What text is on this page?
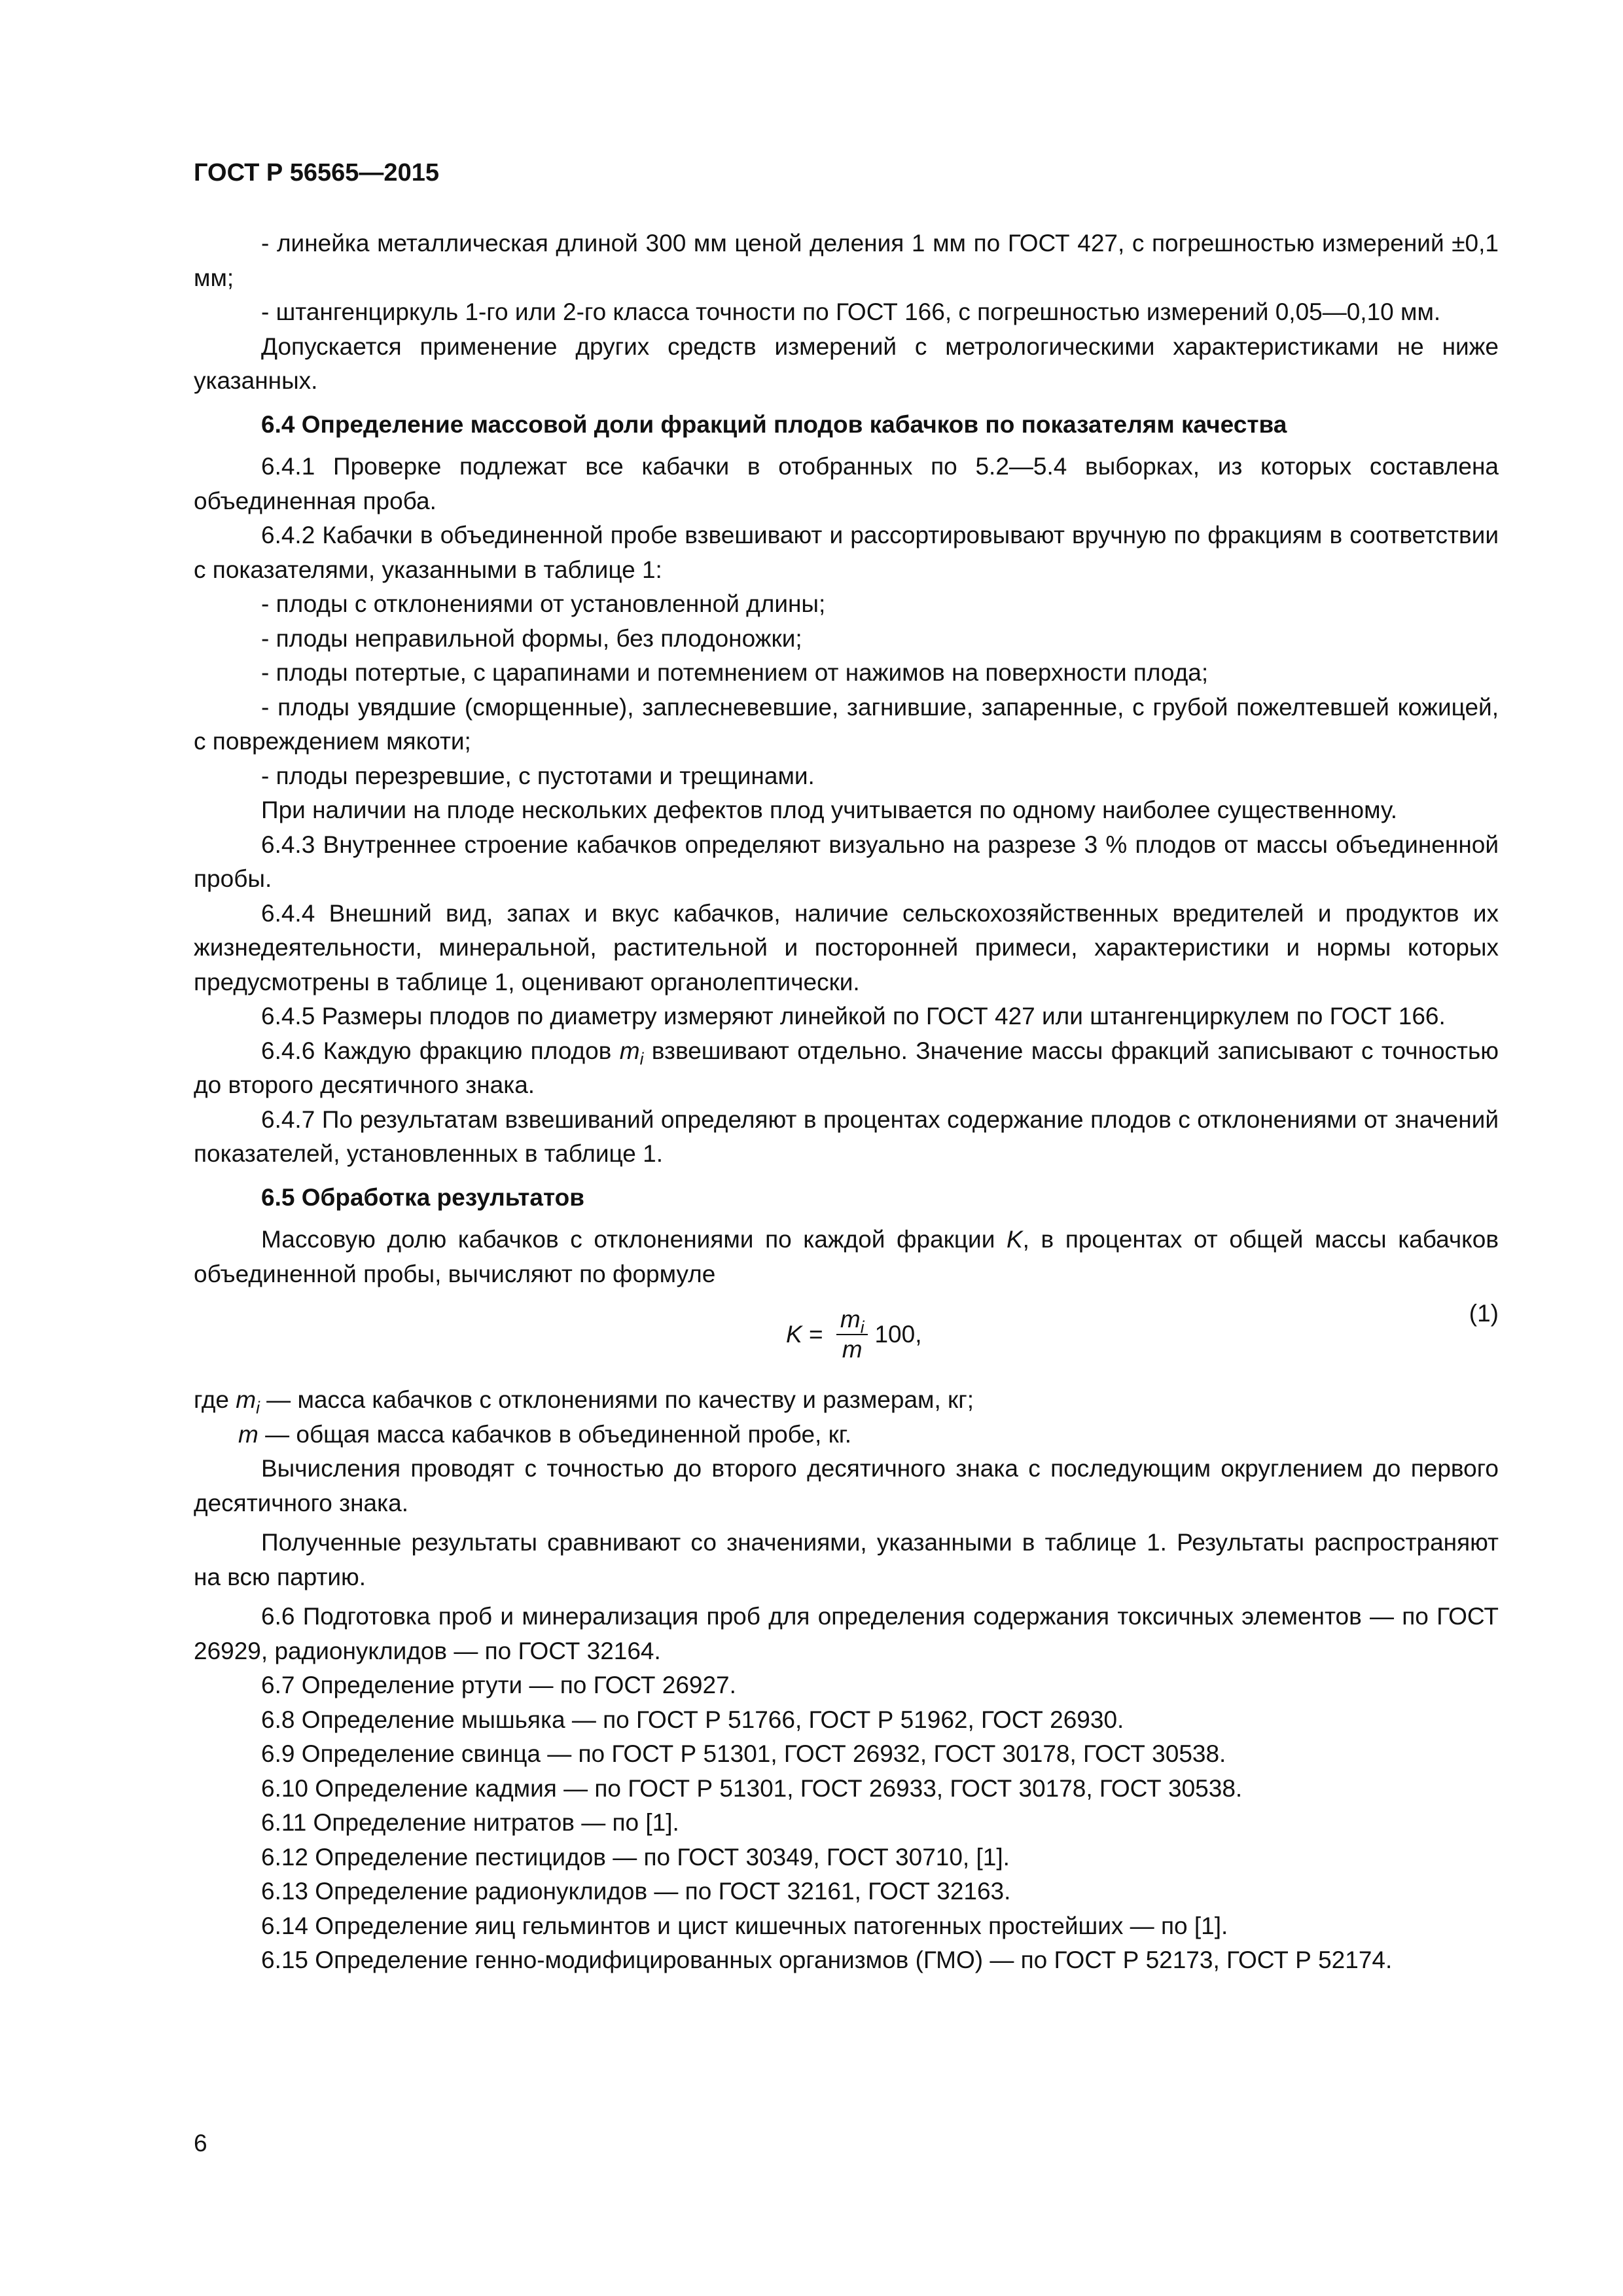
ГОСТ Р 56565—2015

- линейка металлическая длиной 300 мм ценой деления 1 мм по ГОСТ 427, с погрешностью измерений ±0,1 мм;

- штангенциркуль 1-го или 2-го класса точности по ГОСТ 166, с погрешностью измерений 0,05—0,10 мм.

Допускается применение других средств измерений с метрологическими характеристиками не ниже указанных.

6.4 Определение массовой доли фракций плодов кабачков по показателям качества

6.4.1 Проверке подлежат все кабачки в отобранных по 5.2—5.4 выборках, из которых составлена объединенная проба.

6.4.2 Кабачки в объединенной пробе взвешивают и рассортировывают вручную по фракциям в соответствии с показателями, указанными в таблице 1:

- плоды с отклонениями от установленной длины;

- плоды неправильной формы, без плодоножки;

- плоды потертые, с царапинами и потемнением от нажимов на поверхности плода;

- плоды увядшие (сморщенные), заплесневевшие, загнившие, запаренные, с грубой пожелтевшей кожицей, с повреждением мякоти;

- плоды перезревшие, с пустотами и трещинами.

При наличии на плоде нескольких дефектов плод учитывается по одному наиболее существенному.

6.4.3 Внутреннее строение кабачков определяют визуально на разрезе 3 % плодов от массы объединенной пробы.

6.4.4 Внешний вид, запах и вкус кабачков, наличие сельскохозяйственных вредителей и продуктов их жизнедеятельности, минеральной, растительной и посторонней примеси, характеристики и нормы которых предусмотрены в таблице 1, оценивают органолептически.

6.4.5 Размеры плодов по диаметру измеряют линейкой по ГОСТ 427 или штангенциркулем по ГОСТ 166.

6.4.6 Каждую фракцию плодов $m_i$ взвешивают отдельно. Значение массы фракций записывают с точностью до второго десятичного знака.

6.4.7 По результатам взвешиваний определяют в процентах содержание плодов с отклонениями от значений показателей, установленных в таблице 1.

6.5 Обработка результатов

Массовую долю кабачков с отклонениями по каждой фракции K, в процентах от общей массы кабачков объединенной пробы, вычисляют по формуле

$K = \frac{m_i}{m} 100$,
(1)

где $m_i$ — масса кабачков с отклонениями по качеству и размерам, кг;

m — общая масса кабачков в объединенной пробе, кг.

Вычисления проводят с точностью до второго десятичного знака с последующим округлением до первого десятичного знака.

Полученные результаты сравнивают со значениями, указанными в таблице 1. Результаты распространяют на всю партию.

6.6 Подготовка проб и минерализация проб для определения содержания токсичных элементов — по ГОСТ 26929, радионуклидов — по ГОСТ 32164.

6.7 Определение ртути — по ГОСТ 26927.

6.8 Определение мышьяка — по ГОСТ Р 51766, ГОСТ Р 51962, ГОСТ 26930.

6.9 Определение свинца — по ГОСТ Р 51301, ГОСТ 26932, ГОСТ 30178, ГОСТ 30538.

6.10 Определение кадмия — по ГОСТ Р 51301, ГОСТ 26933, ГОСТ 30178, ГОСТ 30538.

6.11 Определение нитратов — по [1].

6.12 Определение пестицидов — по ГОСТ 30349, ГОСТ 30710, [1].

6.13 Определение радионуклидов — по ГОСТ 32161, ГОСТ 32163.

6.14 Определение яиц гельминтов и цист кишечных патогенных простейших — по [1].

6.15 Определение генно-модифицированных организмов (ГМО) — по ГОСТ Р 52173, ГОСТ Р 52174.

6
